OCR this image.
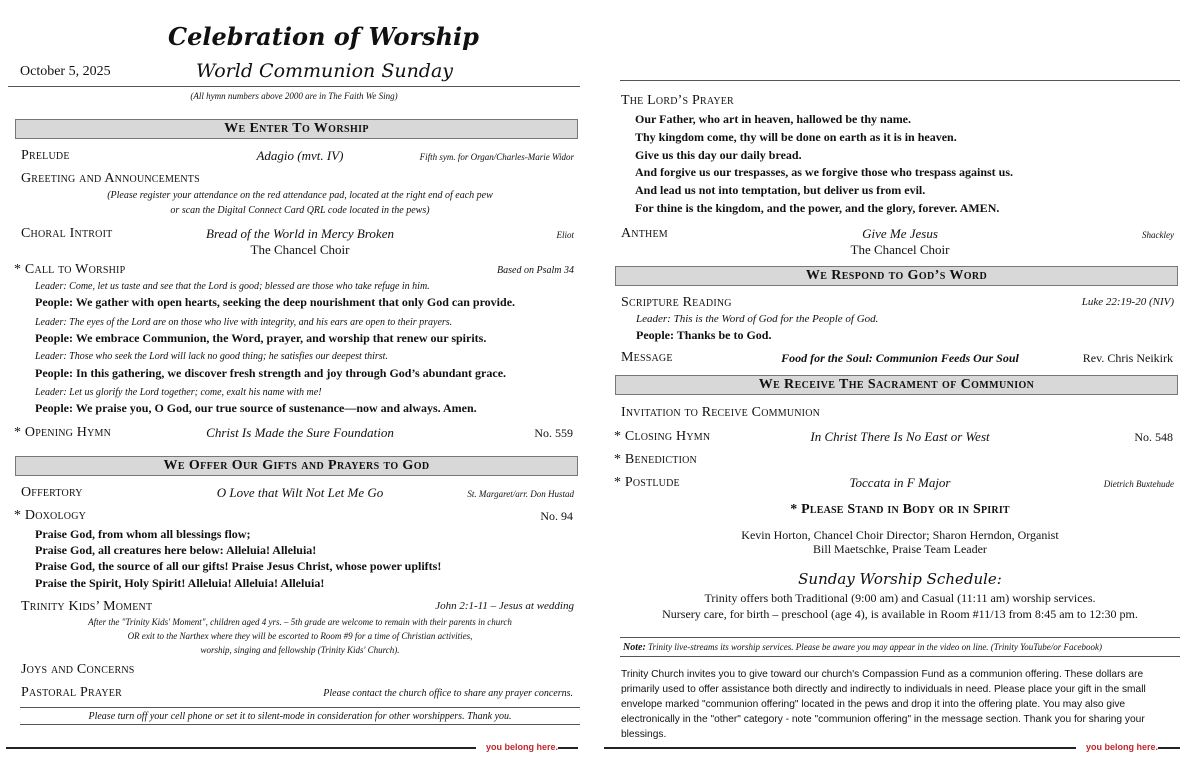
Celebration of Worship
October 5, 2025	World Communion Sunday
(All hymn numbers above 2000 are in The Faith We Sing)
We Enter To Worship
Prelude	Adagio (mvt. IV)	Fifth sym. for Organ/Charles-Marie Widor
Greeting and Announcements
(Please register your attendance on the red attendance pad, located at the right end of each pew
or scan the Digital Connect Card QRL code located in the pews)
Choral Introit	Bread of the World in Mercy Broken	Eliot
The Chancel Choir
* Call to Worship	Based on Psalm 34
Leader: Come, let us taste and see that the Lord is good; blessed are those who take refuge in him.
People: We gather with open hearts, seeking the deep nourishment that only God can provide.
Leader: The eyes of the Lord are on those who live with integrity, and his ears are open to their prayers.
People: We embrace Communion, the Word, prayer, and worship that renew our spirits.
Leader: Those who seek the Lord will lack no good thing; he satisfies our deepest thirst.
People: In this gathering, we discover fresh strength and joy through God’s abundant grace.
Leader: Let us glorify the Lord together; come, exalt his name with me!
People: We praise you, O God, our true source of sustenance—now and always. Amen.
* Opening Hymn	Christ Is Made the Sure Foundation	No. 559
We Offer Our Gifts and Prayers to God
Offertory	O Love that Wilt Not Let Me Go	St. Margaret/arr. Don Hustad
* Doxology	No. 94
Praise God, from whom all blessings flow;
Praise God, all creatures here below: Alleluia! Alleluia!
Praise God, the source of all our gifts! Praise Jesus Christ, whose power uplifts!
Praise the Spirit, Holy Spirit! Alleluia! Alleluia! Alleluia!
Trinity Kids’ Moment	John 2:1-11 – Jesus at wedding
After the "Trinity Kids' Moment", children aged 4 yrs. – 5th grade are welcome to remain with their parents in church
OR exit to the Narthex where they will be escorted to Room #9 for a time of Christian activities,
worship, singing and fellowship (Trinity Kids' Church).
Joys and Concerns
Pastoral Prayer	Please contact the church office to share any prayer concerns.
Please turn off your cell phone or set it to silent-mode in consideration for other worshippers. Thank you.
you belong here.
The Lord’s Prayer
Our Father, who art in heaven, hallowed be thy name.
Thy kingdom come, thy will be done on earth as it is in heaven.
Give us this day our daily bread.
And forgive us our trespasses, as we forgive those who trespass against us.
And lead us not into temptation, but deliver us from evil.
For thine is the kingdom, and the power, and the glory, forever. AMEN.
Anthem	Give Me Jesus	Shackley
The Chancel Choir
We Respond to God’s Word
Scripture Reading	Luke 22:19-20 (NIV)
Leader: This is the Word of God for the People of God.
People: Thanks be to God.
Message	Food for the Soul: Communion Feeds Our Soul	Rev. Chris Neikirk
We Receive The Sacrament of Communion
Invitation to Receive Communion
* Closing Hymn	In Christ There Is No East or West	No. 548
* Benediction
* Postlude	Toccata in F Major	Dietrich Buxtehude
* Please Stand in Body or in Spirit
Kevin Horton, Chancel Choir Director; Sharon Herndon, Organist
Bill Maetschke, Praise Team Leader
Sunday Worship Schedule:
Trinity offers both Traditional (9:00 am) and Casual (11:11 am) worship services.
Nursery care, for birth – preschool (age 4), is available in Room #11/13 from 8:45 am to 12:30 pm.
Note: Trinity live-streams its worship services. Please be aware you may appear in the video on line. (Trinity YouTube/or Facebook)
Trinity Church invites you to give toward our church's Compassion Fund as a communion offering. These dollars are primarily used to offer assistance both directly and indirectly to individuals in need. Please place your gift in the small envelope marked "communion offering" located in the pews and drop it into the offering plate. You may also give electronically in the "other" category - note "communion offering" in the message section. Thank you for sharing your blessings.
you belong here.
